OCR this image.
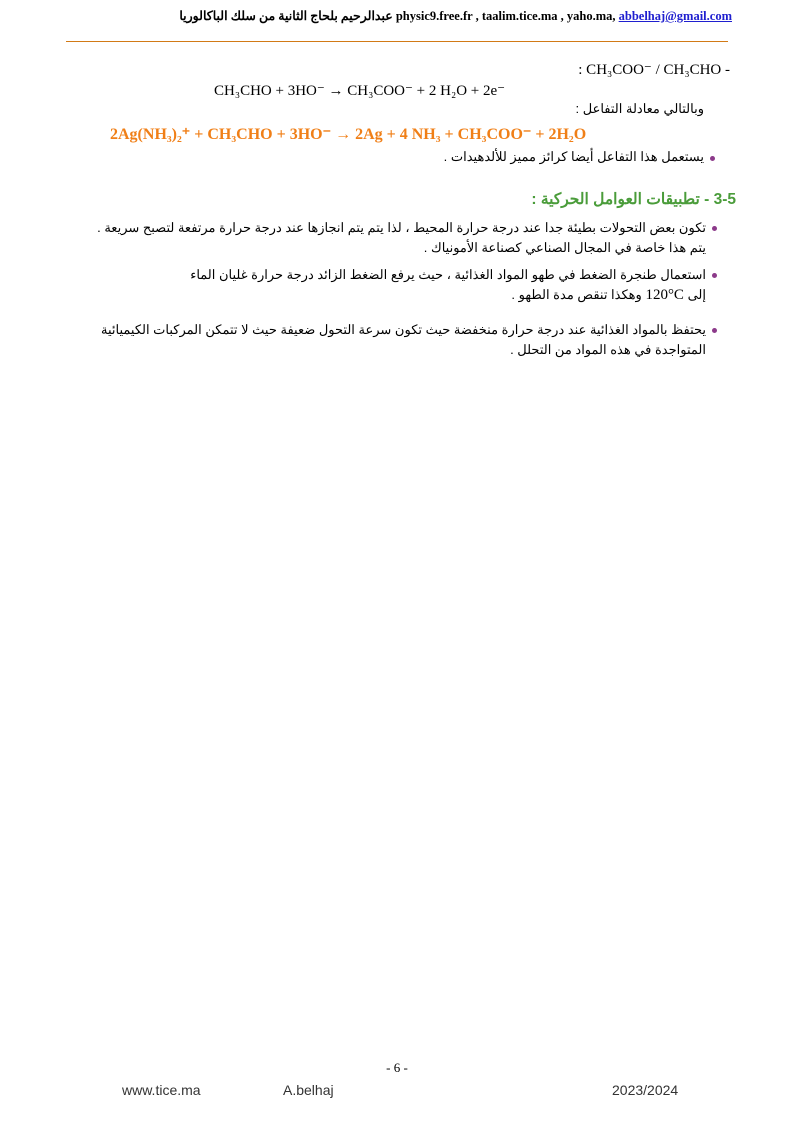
عبدالرحيم بلحاج الثانية من سلك الباكالوريا physic9.free.fr , taalim.tice.ma , yaho.ma, abbelhaj@gmail.com
: CH₃COO⁻ / CH₃CHO -
CH₃CHO + 3HO⁻ → CH₃COO⁻ + 2 H₂O + 2e⁻
وبالتالي معادلة التفاعل :
2Ag(NH₃)₂⁺ + CH₃CHO + 3HO⁻ → 2Ag + 4 NH₃ + CH₃COO⁻ + 2H₂O
يستعمل هذا التفاعل أيضا كرائز مميز للألدهيدات .
3-5 - تطبيقات العوامل الحركية :
تكون بعض التحولات بطيئة جدا عند درجة حرارة المحيط ، لذا يتم يتم انجازها عند درجة حرارة مرتفعة لتصبح سريعة . يتم هذا خاصة في المجال الصناعي كصناعة الأمونياك .
استعمال طنجرة الضغط في طهو المواد الغذائية ، حيث يرفع الضغط الزائد درجة حرارة غليان الماء
إلى 120°C وهكذا تنقص مدة الطهو .
يحتفظ بالمواد الغذائية عند درجة حرارة منخفضة حيث تكون سرعة التحول ضعيفة حيث لا تتمكن المركبات الكيميائية المتواجدة في هذه المواد من التحلل .
- 6 -
www.tice.ma	A.belhaj	2023/2024
